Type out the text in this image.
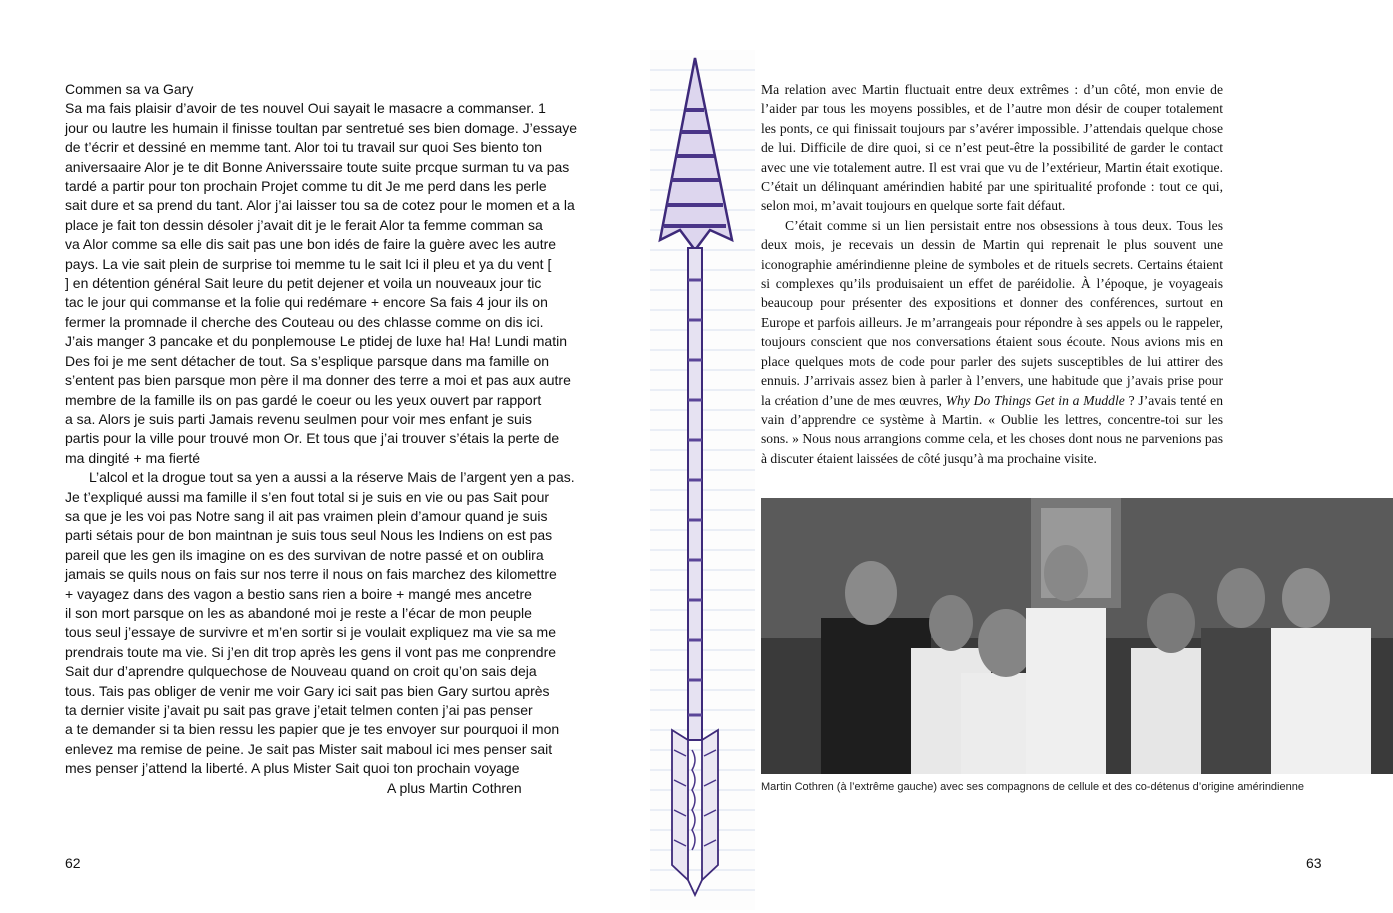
Commen sa va Gary

Sa ma fais plaisir d’avoir de tes nouvel Oui sayait le masacre a commanser. 1

jour ou lautre les humain il finisse toultan par sentretué ses bien domage. J’essaye

de t’écrir et dessiné en memme tant. Alor toi tu travail sur quoi Ses biento ton

aniversaaire Alor je te dit Bonne Aniverssaire toute suite prcque surman tu va pas

tardé a partir pour ton prochain Projet comme tu dit Je me perd dans les perle

sait dure et sa prend du tant. Alor j’ai laisser tou sa de cotez pour le momen et a la

place je fait ton dessin désoler j’avait dit je le ferait Alor ta femme comman sa

va Alor comme sa elle dis sait pas une bon idés de faire la guère avec les autre

pays. La vie sait plein de surprise toi memme tu le sait Ici il pleu et ya du vent [

] en détention général Sait leure du petit dejener et voila un nouveaux jour tic

tac le jour qui commanse et la folie qui redémare + encore Sa fais 4 jour ils on

fermer la promnade il cherche des Couteau ou des chlasse comme on dis ici.

J’ais manger 3 pancake et du ponplemouse Le ptidej de luxe ha! Ha! Lundi matin

Des foi je me sent détacher de tout. Sa s’esplique parsque dans ma famille on

s’entent pas bien parsque mon père il ma donner des terre a moi et pas aux autre

membre de la famille ils on pas gardé le coeur ou les yeux ouvert par rapport

a sa. Alors je suis parti Jamais revenu seulmen pour voir mes enfant je suis

partis pour la ville pour trouvé mon Or. Et tous que j’ai trouver s’étais la perte de

ma dingité + ma fierté

L’alcol et la drogue tout sa yen a aussi a la réserve Mais de l’argent yen a pas.

Je t’expliqué aussi ma famille il s’en fout total si je suis en vie ou pas Sait pour

sa que je les voi pas Notre sang il ait pas vraimen plein d’amour quand je suis

parti sétais pour de bon maintnan je suis tous seul Nous les Indiens on est pas

pareil que les gen ils imagine on es des survivan de notre passé et on oublira

jamais se quils nous on fais sur nos terre il nous on fais marchez des kilomettre

+ vayagez dans des vagon a bestio sans rien a boire + mangé mes ancetre

il son mort parsque on les as abandoné moi je reste a l’écar de mon peuple

tous seul j’essaye de survivre et m’en sortir si je voulait expliquez ma vie sa me

prendrais toute ma vie. Si j’en dit trop après les gens il vont pas me conprendre

Sait dur d’aprendre qulquechose de Nouveau quand on croit qu’on sais deja

tous. Tais pas obliger de venir me voir Gary ici sait pas bien Gary surtou après

ta dernier visite j’avait pu sait pas grave j’etait telmen conten j’ai pas penser

a te demander si ta bien ressu les papier que je tes envoyer sur pourquoi il mon

enlevez ma remise de peine. Je sait pas Mister sait maboul ici mes penser sait

mes penser j’attend la liberté. A plus Mister Sait quoi ton prochain voyage

A plus Martin Cothren

Ma relation avec Martin fluctuait entre deux extrêmes : d’un côté, mon envie de l’aider par tous les moyens possibles, et de l’autre mon désir de couper totalement les ponts, ce qui finissait toujours par s’avérer impossible. J’attendais quelque chose de lui. Difficile de dire quoi, si ce n’est peut-être la possibilité de garder le contact avec une vie totalement autre. Il est vrai que vu de l’extérieur, Martin était exotique. C’était un délinquant amérindien habité par une spiritualité profonde : tout ce qui, selon moi, m’avait toujours en quelque sorte fait défaut.

C’était comme si un lien persistait entre nos obsessions à tous deux. Tous les deux mois, je recevais un dessin de Martin qui reprenait le plus souvent une iconographie amérindienne pleine de symboles et de rituels secrets. Certains étaient si complexes qu’ils produisaient un effet de paréidolie. À l’époque, je voyageais beaucoup pour présenter des expositions et donner des conférences, surtout en Europe et parfois ailleurs. Je m’arrangeais pour répondre à ses appels ou le rappeler, toujours conscient que nos conversations étaient sous écoute. Nous avions mis en place quelques mots de code pour parler des sujets susceptibles de lui attirer des ennuis. J’arrivais assez bien à parler à l’envers, une habitude que j’avais prise pour la création d’une de mes œuvres, Why Do Things Get in a Muddle ? J’avais tenté en vain d’apprendre ce système à Martin. « Oublie les lettres, concentre-toi sur les sons. » Nous nous arrangions comme cela, et les choses dont nous ne parvenions pas à discuter étaient laissées de côté jusqu’à ma prochaine visite.

Martin Cothren (à l’extrême gauche) avec ses compagnons de cellule et des co-détenus d’origine amérindienne
62	63
